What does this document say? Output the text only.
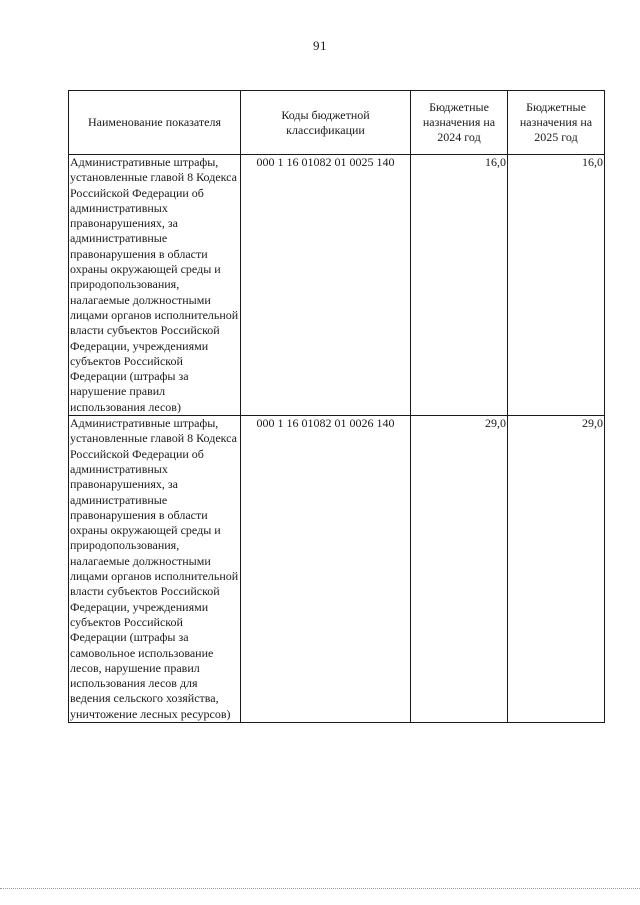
91
Наименование показателя	Коды бюджетной классификации	Бюджетные назначения на 2024 год	Бюджетные назначения на 2025 год

Административные штрафы, установленные главой 8 Кодекса Российской Федерации об административных правонарушениях, за административные правонарушения в области охраны окружающей среды и природопользования, налагаемые должностными лицами органов исполнительной власти субъектов Российской Федерации, учреждениями субъектов Российской Федерации (штрафы за нарушение правил использования лесов)	000 1 16 01082 01 0025 140	16,0	16,0

Административные штрафы, установленные главой 8 Кодекса Российской Федерации об административных правонарушениях, за административные правонарушения в области охраны окружающей среды и природопользования, налагаемые должностными лицами органов исполнительной власти субъектов Российской Федерации, учреждениями субъектов Российской Федерации (штрафы за самовольное использование лесов, нарушение правил использования лесов для ведения сельского хозяйства, уничтожение лесных ресурсов)	000 1 16 01082 01 0026 140	29,0	29,0
